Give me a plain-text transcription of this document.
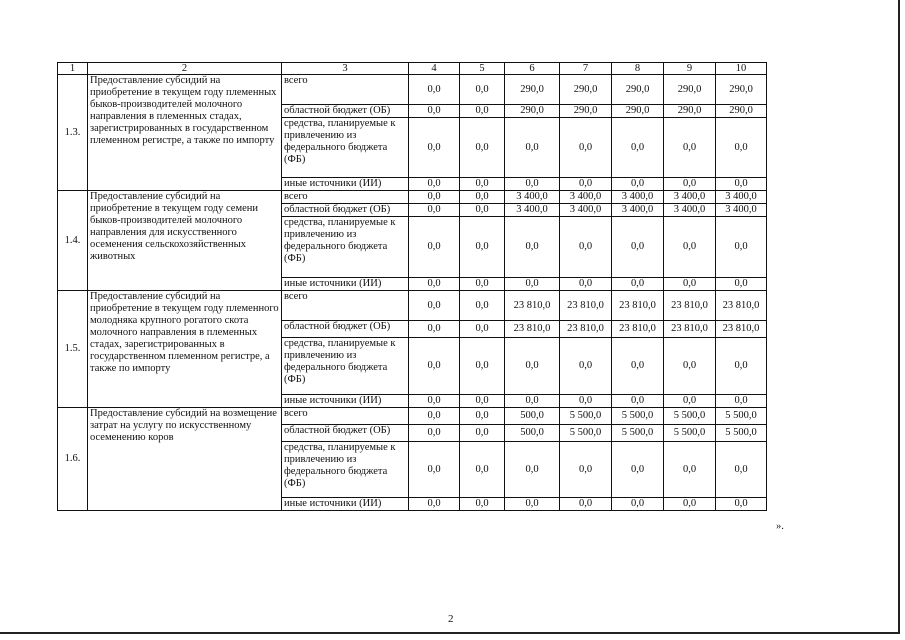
1	2	3	4	5	6	7	8	9	10
1.3.	Предоставление субсидий на приобретение в текущем году племенных быков-производителей молочного направления в племенных стадах, зарегистрированных в государственном племенном регистре, а также по импорту	всего	0,0	0,0	290,0	290,0	290,0	290,0	290,0
		областной бюджет (ОБ)	0,0	0,0	290,0	290,0	290,0	290,0	290,0
		средства, планируемые к привлечению из федерального бюджета (ФБ)	0,0	0,0	0,0	0,0	0,0	0,0	0,0
		иные источники (ИИ)	0,0	0,0	0,0	0,0	0,0	0,0	0,0
1.4.	Предоставление субсидий на приобретение в текущем году семени быков-производителей молочного направления для искусственного осеменения сельскохозяйственных животных	всего	0,0	0,0	3 400,0	3 400,0	3 400,0	3 400,0	3 400,0
		областной бюджет (ОБ)	0,0	0,0	3 400,0	3 400,0	3 400,0	3 400,0	3 400,0
		средства, планируемые к привлечению из федерального бюджета (ФБ)	0,0	0,0	0,0	0,0	0,0	0,0	0,0
		иные источники (ИИ)	0,0	0,0	0,0	0,0	0,0	0,0	0,0
1.5.	Предоставление субсидий на приобретение в текущем году племенного молодняка крупного рогатого скота молочного направления в племенных стадах, зарегистрированных в государственном племенном регистре, а также по импорту	всего	0,0	0,0	23 810,0	23 810,0	23 810,0	23 810,0	23 810,0
		областной бюджет (ОБ)	0,0	0,0	23 810,0	23 810,0	23 810,0	23 810,0	23 810,0
		средства, планируемые к привлечению из федерального бюджета (ФБ)	0,0	0,0	0,0	0,0	0,0	0,0	0,0
		иные источники (ИИ)	0,0	0,0	0,0	0,0	0,0	0,0	0,0
1.6.	Предоставление субсидий на возмещение затрат на услугу по искусственному осеменению коров	всего	0,0	0,0	500,0	5 500,0	5 500,0	5 500,0	5 500,0
		областной бюджет (ОБ)	0,0	0,0	500,0	5 500,0	5 500,0	5 500,0	5 500,0
		средства, планируемые к привлечению из федерального бюджета (ФБ)	0,0	0,0	0,0	0,0	0,0	0,0	0,0
		иные источники (ИИ)	0,0	0,0	0,0	0,0	0,0	0,0	0,0
».
2
